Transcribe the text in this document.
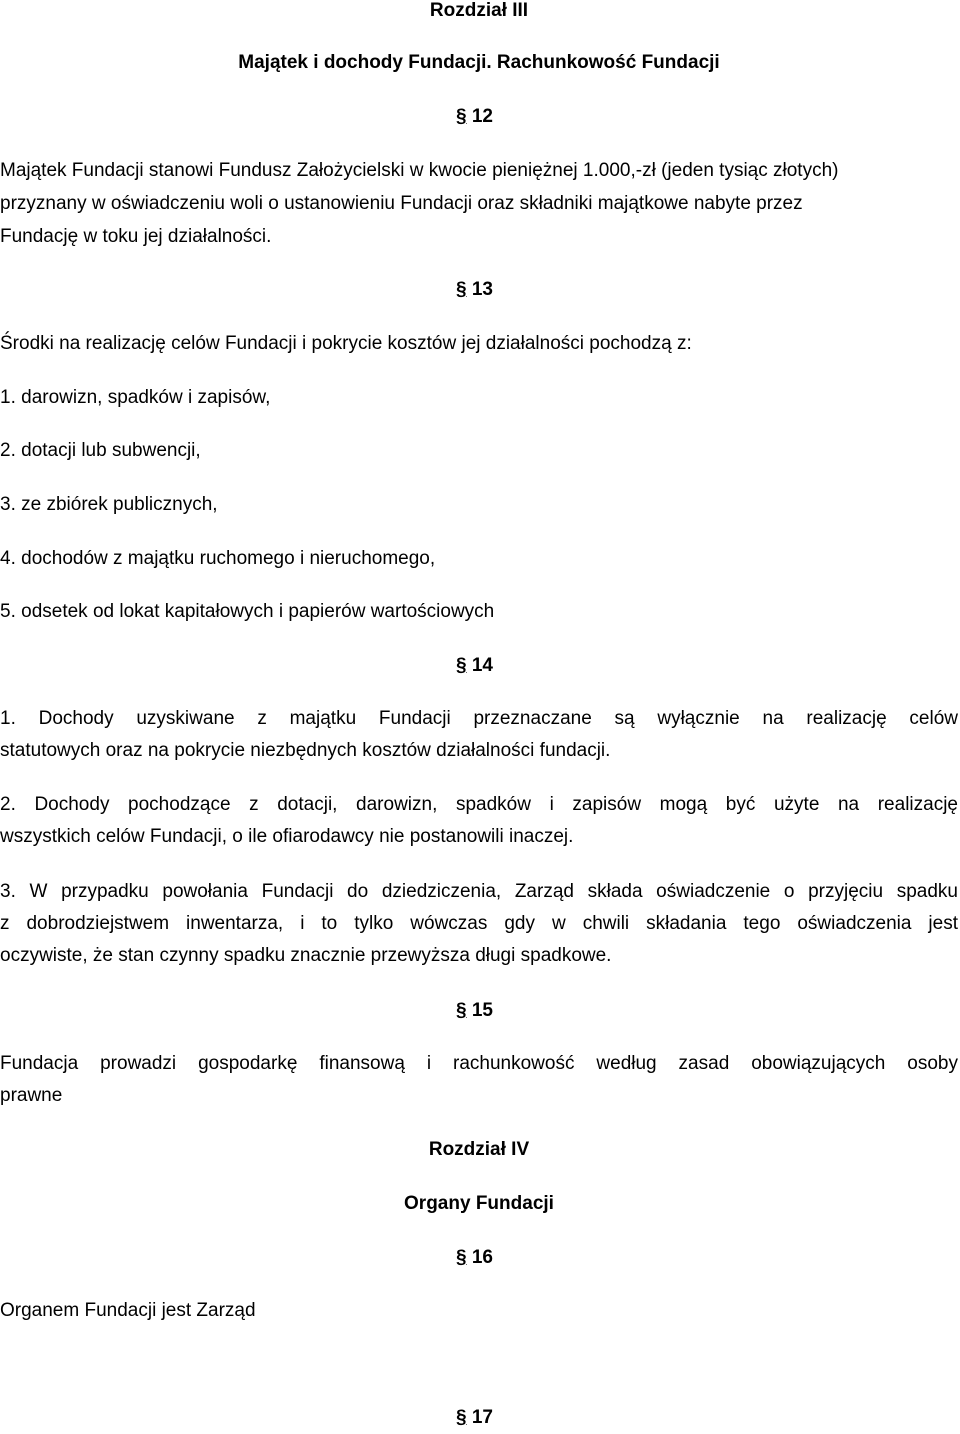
Rozdział III
Majątek i dochody Fundacji. Rachunkowość Fundacji
§ 12
Majątek Fundacji stanowi Fundusz Założycielski w kwocie pieniężnej 1.000,-zł (jeden tysiąc złotych)
przyznany w oświadczeniu woli o ustanowieniu Fundacji oraz składniki majątkowe nabyte przez
Fundację w toku jej działalności.
§ 13
Środki na realizację celów Fundacji i pokrycie kosztów jej działalności pochodzą z:
1. darowizn, spadków i zapisów,
2. dotacji lub subwencji,
3. ze zbiórek publicznych,
4. dochodów z majątku ruchomego i nieruchomego,
5. odsetek od lokat kapitałowych i papierów wartościowych
§ 14
1. Dochody uzyskiwane z majątku Fundacji przeznaczane są wyłącznie na realizację celów
statutowych oraz na pokrycie niezbędnych kosztów działalności fundacji.
2. Dochody pochodzące z dotacji, darowizn, spadków i zapisów mogą być użyte na realizację
wszystkich celów Fundacji, o ile ofiarodawcy nie postanowili inaczej.
3. W przypadku powołania Fundacji do dziedziczenia, Zarząd składa oświadczenie o przyjęciu spadku
z dobrodziejstwem inwentarza, i to tylko wówczas gdy w chwili składania tego oświadczenia jest
oczywiste, że stan czynny spadku znacznie przewyższa długi spadkowe.
§ 15
Fundacja prowadzi gospodarkę finansową i rachunkowość według zasad obowiązujących osoby
prawne
Rozdział IV
Organy Fundacji
§ 16
Organem Fundacji jest Zarząd
§ 17
